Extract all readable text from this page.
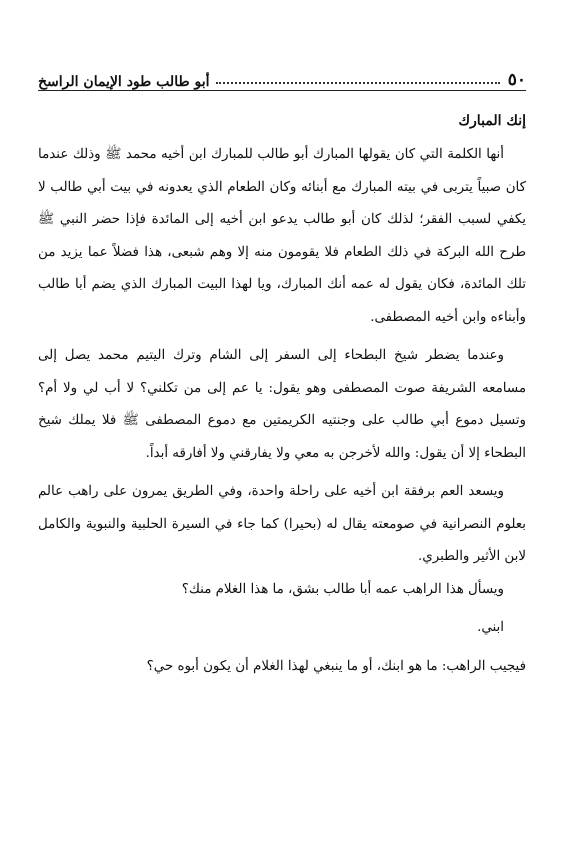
٥٠
أبو طالب طود الإيمان الراسخ
إنك المبارك

أنها الكلمة التي كان يقولها المبارك أبو طالب للمبارك ابن أخيه محمد ﷺ وذلك عندما كان صبياً يتربى في بيته المبارك مع أبنائه وكان الطعام الذي يعدونه في بيت أبي طالب لا يكفي لسبب الفقر؛ لذلك كان أبو طالب يدعو ابن أخيه إلى المائدة فإذا حضر النبي ﷺ طرح الله البركة في ذلك الطعام فلا يقومون منه إلا وهم شبعى، هذا فضلاً عما يزيد من تلك المائدة، فكان يقول له عمه أنك المبارك، ويا لهذا البيت المبارك الذي يضم أبا طالب وأبناءه وابن أخيه المصطفى.

وعندما يضطر شيخ البطحاء إلى السفر إلى الشام وترك اليتيم محمد يصل إلى مسامعه الشريفة صوت المصطفى وهو يقول: يا عم إلى من تكلني؟ لا أب لي ولا أم؟ وتسيل دموع أبي طالب على وجنتيه الكريمتين مع دموع المصطفى ﷺ فلا يملك شيخ البطحاء إلا أن يقول: والله لأخرجن به معي ولا يفارقني ولا أفارقه أبداً.

ويسعد العم برفقة ابن أخيه على راحلة واحدة، وفي الطريق يمرون على راهب عالم بعلوم النصرانية في صومعته يقال له (بحيرا) كما جاء في السيرة الحلبية والنبوية والكامل لابن الأثير والطبري.

ويسأل هذا الراهب عمه أبا طالب بشق، ما هذا الغلام منك؟

ابني.

فيجيب الراهب: ما هو ابنك، أو ما ينبغي لهذا الغلام أن يكون أبوه حي؟
